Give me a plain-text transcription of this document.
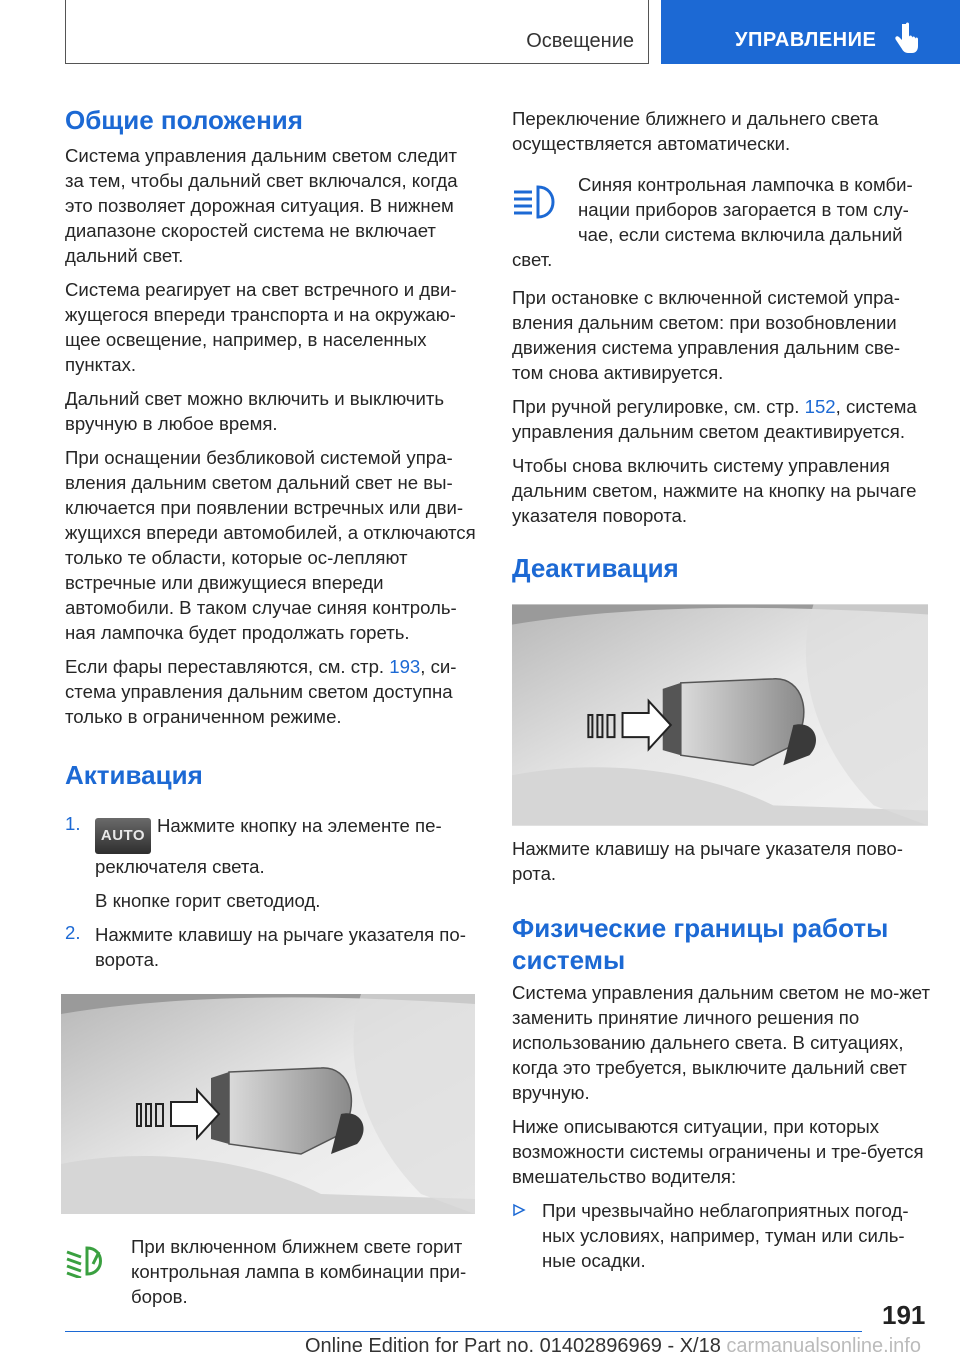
Освещение	УПРАВЛЕНИЕ
Общие положения

Система управления дальним светом следит за тем, чтобы дальний свет включался, когда это позволяет дорожная ситуация. В нижнем диапазоне скоростей система не включает дальний свет.

Система реагирует на свет встречного и дви-жущегося впереди транспорта и на окружаю-щее освещение, например, в населенных пунктах.

Дальний свет можно включить и выключить вручную в любое время.

При оснащении безбликовой системой упра-вления дальним светом дальний свет не вы-ключается при появлении встречных или дви-жущихся впереди автомобилей, а отключаются только те области, которые ос-лепляют встречные или движущиеся впереди автомобили. В таком случае синяя контроль-ная лампочка будет продолжать гореть.

Если фары переставляются, см. стр. 193, си-стема управления дальним светом доступна только в ограниченном режиме.

Активация
1.

AUTO Нажмите кнопку на элементе пе-реключателя света.

В кнопке горит светодиод.

2. Нажмите клавишу на рычаге указателя по-ворота.

При включенном ближнем свете горит контрольная лампа в комбинации при-боров.

Переключение ближнего и дальнего света осуществляется автоматически.

Синяя контрольная лампочка в комби-нации приборов загорается в том слу-чае, если система включила дальний свет.

При остановке с включенной системой упра-вления дальним светом: при возобновлении движения система управления дальним све-том снова активируется.

При ручной регулировке, см. стр. 152, система управления дальним светом деактивируется.

Чтобы снова включить систему управления дальним светом, нажмите на кнопку на рычаге указателя поворота.

Деактивация

Нажмите клавишу на рычаге указателя пово-рота.

Физические границы работы системы

Система управления дальним светом не мо-жет заменить принятие личного решения по использованию дальнего света. В ситуациях, когда это требуется, выключите дальний свет вручную.

Ниже описываются ситуации, при которых возможности системы ограничены и тре-буется вмешательство водителя:

При чрезвычайно неблагоприятных погод-ных условиях, например, туман или силь-ные осадки.

191
Online Edition for Part no. 01402896969 - X/18 carmanualsonline.info
